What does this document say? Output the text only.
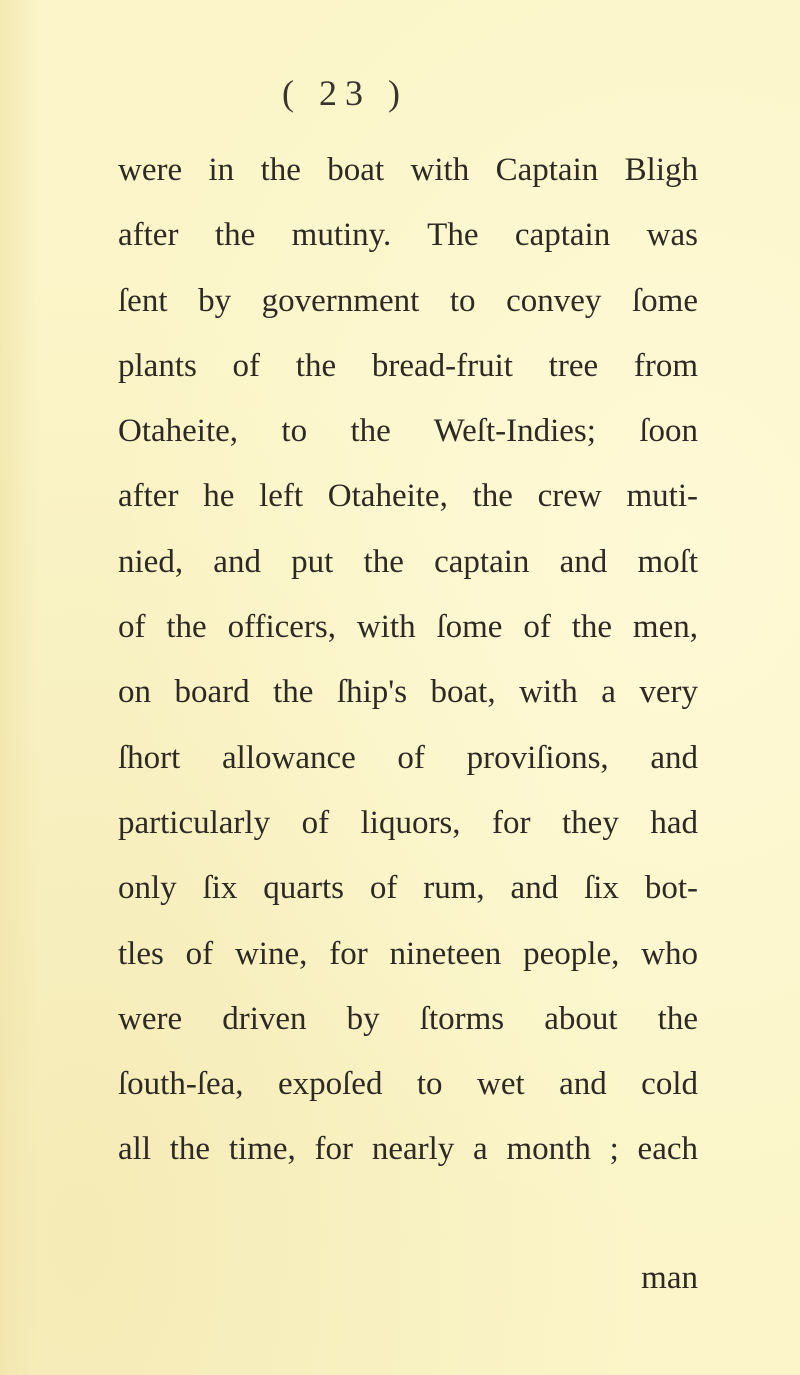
( 23 )
were in the boat with Captain Bligh
after the mutiny. The captain was
ſent by government to convey ſome
plants of the bread-fruit tree from
Otaheite, to the Weſt-Indies; ſoon
after he left Otaheite, the crew muti-
nied, and put the captain and moſt
of the officers, with ſome of the men,
on board the ſhip's boat, with a very
ſhort allowance of proviſions, and
particularly of liquors, for they had
only ſix quarts of rum, and ſix bot-
tles of wine, for nineteen people, who
were driven by ſtorms about the
ſouth-ſea, expoſed to wet and cold
all the time, for nearly a month ; each
man
